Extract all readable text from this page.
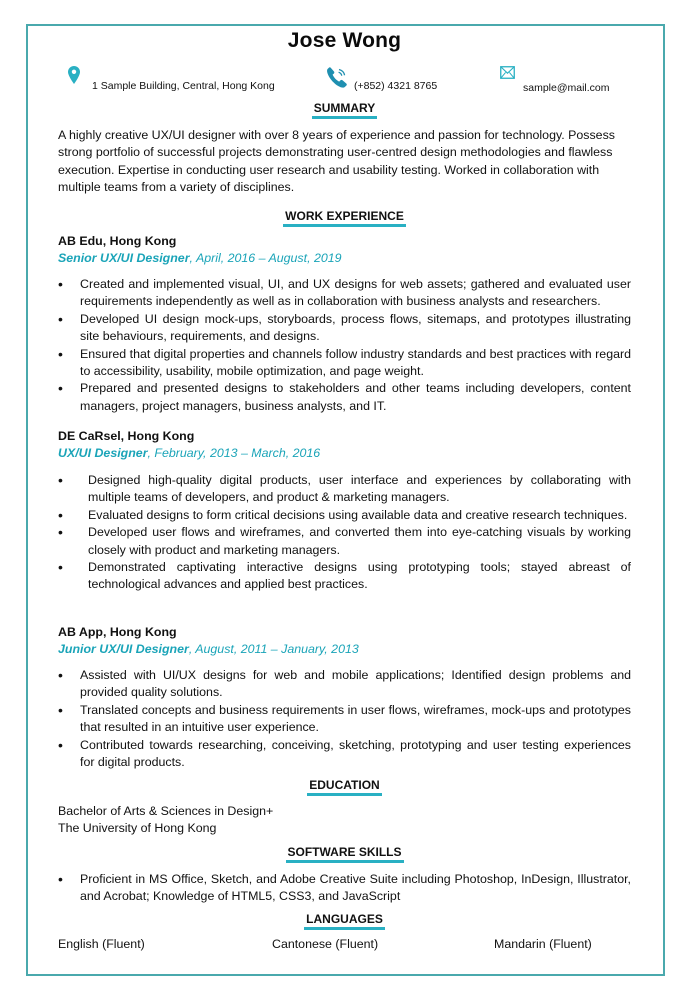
Jose Wong
1 Sample Building, Central, Hong Kong	(+852) 4321 8765	sample@mail.com
SUMMARY
A highly creative UX/UI designer with over 8 years of experience and passion for technology. Possess strong portfolio of successful projects demonstrating user-centred design methodologies and flawless execution. Expertise in conducting user research and usability testing. Worked in collaboration with multiple teams from a variety of disciplines.
WORK EXPERIENCE
AB Edu, Hong Kong
Senior UX/UI Designer, April, 2016 – August, 2019
• Created and implemented visual, UI, and UX designs for web assets; gathered and evaluated user requirements independently as well as in collaboration with business analysts and researchers.
• Developed UI design mock-ups, storyboards, process flows, sitemaps, and prototypes illustrating site behaviours, requirements, and designs.
• Ensured that digital properties and channels follow industry standards and best practices with regard to accessibility, usability, mobile optimization, and page weight.
• Prepared and presented designs to stakeholders and other teams including developers, content managers, project managers, business analysts, and IT.
DE CaRsel, Hong Kong
UX/UI Designer, February, 2013 – March, 2016
• Designed high-quality digital products, user interface and experiences by collaborating with multiple teams of developers, and product & marketing managers.
• Evaluated designs to form critical decisions using available data and creative research techniques.
• Developed user flows and wireframes, and converted them into eye-catching visuals by working closely with product and marketing managers.
• Demonstrated captivating interactive designs using prototyping tools; stayed abreast of technological advances and applied best practices.
AB App, Hong Kong
Junior UX/UI Designer, August, 2011 – January, 2013
• Assisted with UI/UX designs for web and mobile applications; Identified design problems and provided quality solutions.
• Translated concepts and business requirements in user flows, wireframes, mock-ups and prototypes that resulted in an intuitive user experience.
• Contributed towards researching, conceiving, sketching, prototyping and user testing experiences for digital products.
EDUCATION
Bachelor of Arts & Sciences in Design+
The University of Hong Kong
SOFTWARE SKILLS
• Proficient in MS Office, Sketch, and Adobe Creative Suite including Photoshop, InDesign, Illustrator, and Acrobat; Knowledge of HTML5, CSS3, and JavaScript
LANGUAGES
English (Fluent)	Cantonese (Fluent)	Mandarin (Fluent)
